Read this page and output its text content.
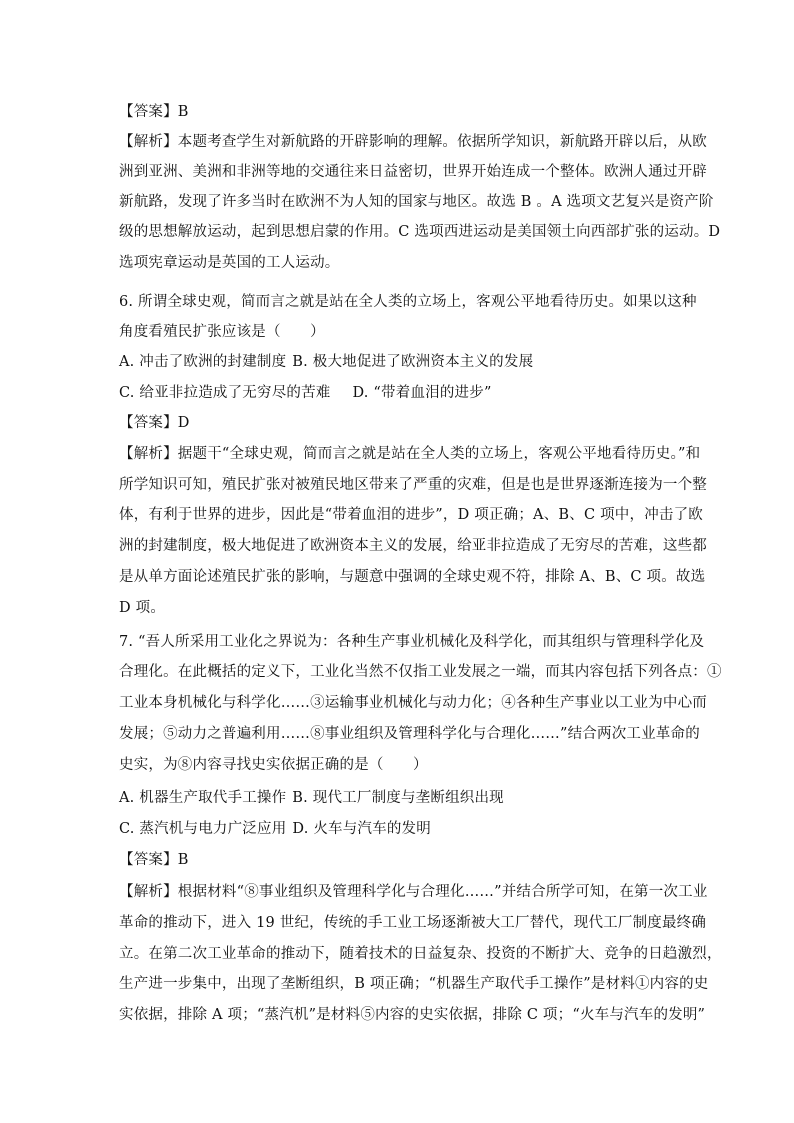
【答案】B
【解析】本题考查学生对新航路的开辟影响的理解。依据所学知识，新航路开辟以后，从欧
洲到亚洲、美洲和非洲等地的交通往来日益密切，世界开始连成一个整体。欧洲人通过开辟
新航路，发现了许多当时在欧洲不为人知的国家与地区。故选 B 。A 选项文艺复兴是资产阶
级的思想解放运动，起到思想启蒙的作用。C 选项西进运动是美国领土向西部扩张的运动。D
选项宪章运动是英国的工人运动。
6. 所谓全球史观，简而言之就是站在全人类的立场上，客观公平地看待历史。如果以这种
角度看殖民扩张应该是（　　）
A. 冲击了欧洲的封建制度 B. 极大地促进了欧洲资本主义的发展
C. 给亚非拉造成了无穷尽的苦难 D. “带着血泪的进步”
【答案】D
【解析】据题干“全球史观，简而言之就是站在全人类的立场上，客观公平地看待历史。”和
所学知识可知，殖民扩张对被殖民地区带来了严重的灾难，但是也是世界逐渐连接为一个整
体，有利于世界的进步，因此是“带着血泪的进步”，D 项正确；A、B、C 项中，冲击了欧
洲的封建制度，极大地促进了欧洲资本主义的发展，给亚非拉造成了无穷尽的苦难，这些都
是从单方面论述殖民扩张的影响，与题意中强调的全球史观不符，排除 A、B、C 项。故选
D 项。
7. “吾人所采用工业化之界说为：各种生产事业机械化及科学化，而其组织与管理科学化及
合理化。在此概括的定义下，工业化当然不仅指工业发展之一端，而其内容包括下列各点：①
工业本身机械化与科学化……③运输事业机械化与动力化；④各种生产事业以工业为中心而
发展；⑤动力之普遍利用……⑧事业组织及管理科学化与合理化……”结合两次工业革命的
史实，为⑧内容寻找史实依据正确的是（　　）
A. 机器生产取代手工操作 B. 现代工厂制度与垄断组织出现
C. 蒸汽机与电力广泛应用 D. 火车与汽车的发明
【答案】B
【解析】根据材料“⑧事业组织及管理科学化与合理化……”并结合所学可知，在第一次工业
革命的推动下，进入 19 世纪，传统的手工业工场逐渐被大工厂替代，现代工厂制度最终确
立。在第二次工业革命的推动下，随着技术的日益复杂、投资的不断扩大、竞争的日趋激烈，
生产进一步集中，出现了垄断组织，B 项正确；“机器生产取代手工操作”是材料①内容的史
实依据，排除 A 项；“蒸汽机”是材料⑤内容的史实依据，排除 C 项；“火车与汽车的发明”
